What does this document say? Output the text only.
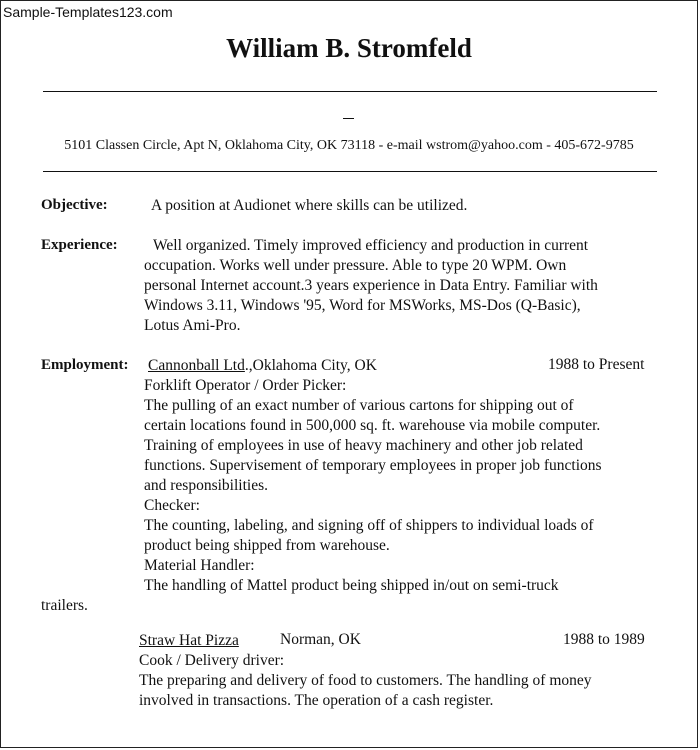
Sample-Templates123.com
William B. Stromfeld
5101 Classen Circle, Apt N, Oklahoma City, OK 73118 - e-mail wstrom@yahoo.com - 405-672-9785
Objective:	A position at Audionet where skills can be utilized.
Experience:	Well organized. Timely improved efficiency and production in current
occupation. Works well under pressure. Able to type 20 WPM. Own
personal Internet account.3 years experience in Data Entry. Familiar with
Windows 3.11, Windows '95, Word for MSWorks, MS-Dos (Q-Basic),
Lotus Ami-Pro.
Employment: Cannonball Ltd.,Oklahoma City, OK	1988 to Present
Forklift Operator / Order Picker:
The pulling of an exact number of various cartons for shipping out of
certain locations found in 500,000 sq. ft. warehouse via mobile computer.
Training of employees in use of heavy machinery and other job related
functions. Supervisement of temporary employees in proper job functions
and responsibilities.
Checker:
The counting, labeling, and signing off of shippers to individual loads of
product being shipped from warehouse.
Material Handler:
The handling of Mattel product being shipped in/out on semi-truck
trailers.
Straw Hat Pizza	Norman, OK	1988 to 1989
Cook / Delivery driver:
The preparing and delivery of food to customers. The handling of money
involved in transactions. The operation of a cash register.
